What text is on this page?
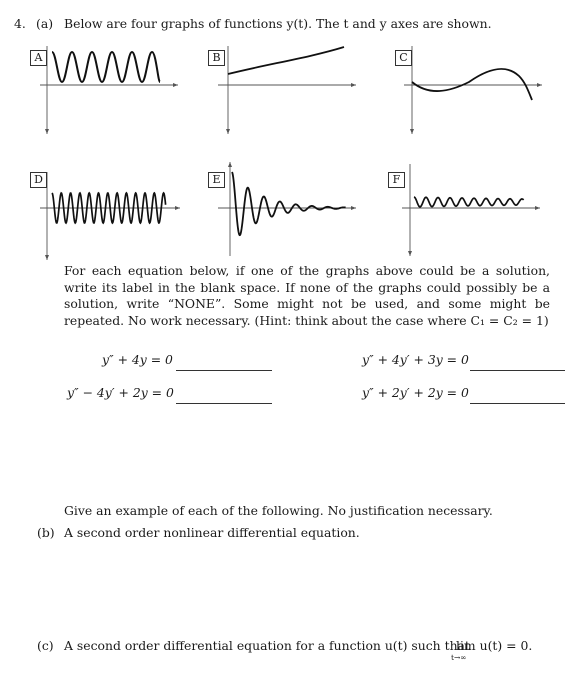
4. (a) Below are four graphs of functions y(t). The t and y axes are shown.
A	B	C
D	E	F
For each equation below, if one of the graphs above could be a solution, write its label in the blank space. If none of the graphs could possibly be a solution, write “NONE”. Some might not be used, and some might be repeated. No work necessary. (Hint: think about the case where C₁ = C₂ = 1)
y″ + 4y = 0	y″ + 4y′ + 3y = 0
y″ − 4y′ + 2y = 0	y″ + 2y′ + 2y = 0
Give an example of each of the following. No justification necessary.
(b) A second order nonlinear differential equation.
(c) A second order differential equation for a function u(t) such that
lim u(t) = 0.
t→∞
